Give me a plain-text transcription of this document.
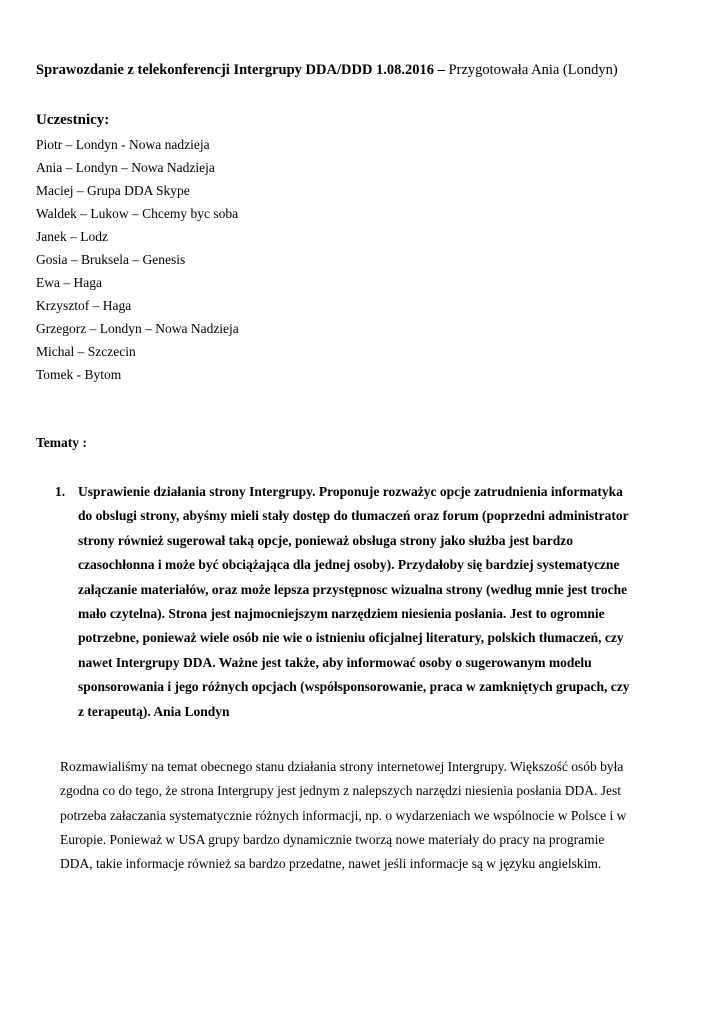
Sprawozdanie z telekonferencji Intergrupy DDA/DDD 1.08.2016 – Przygotowała Ania (Londyn)
Uczestnicy:
Piotr – Londyn - Nowa nadzieja
Ania – Londyn – Nowa Nadzieja
Maciej – Grupa DDA Skype
Waldek – Lukow – Chcemy byc soba
Janek – Lodz
Gosia – Bruksela – Genesis
Ewa – Haga
Krzysztof – Haga
Grzegorz – Londyn – Nowa Nadzieja
Michal – Szczecin
Tomek - Bytom
Tematy :
1. Usprawienie działania strony Intergrupy. Proponuje rozważyc opcje zatrudnienia informatyka
do obslugi strony, abyśmy mieli stały dostęp do tłumaczeń oraz forum (poprzedni administrator
strony również sugerował taką opcje, ponieważ obsługa strony jako służba jest bardzo
czasochłonna i może być obciążająca dla jednej osoby). Przydałoby się bardziej systematyczne
załączanie materiałów, oraz może lepsza przystępnosc wizualna strony (według mnie jest troche
mało czytelna). Strona jest najmocniejszym narzędziem niesienia posłania. Jest to ogromnie
potrzebne, ponieważ wiele osób nie wie o istnieniu oficjalnej literatury, polskich tłumaczeń, czy
nawet Intergrupy DDA. Ważne jest także, aby informować osoby o sugerowanym modelu
sponsorowania i jego różnych opcjach (współsponsorowanie, praca w zamkniętych grupach, czy
z terapeutą). Ania Londyn
Rozmawialiśmy na temat obecnego stanu działania strony internetowej Intergrupy. Większość osób była
zgodna co do tego, że strona Intergrupy jest jednym z nalepszych narzędzi niesienia posłania DDA. Jest
potrzeba załaczania systematycznie różnych informacji, np. o wydarzeniach we wspólnocie w Polsce i w
Europie. Ponieważ w USA grupy bardzo dynamicznie tworzą nowe materiały do pracy na programie
DDA, takie informacje również sa bardzo przedatne, nawet jeśli informacje są w języku angielskim.
